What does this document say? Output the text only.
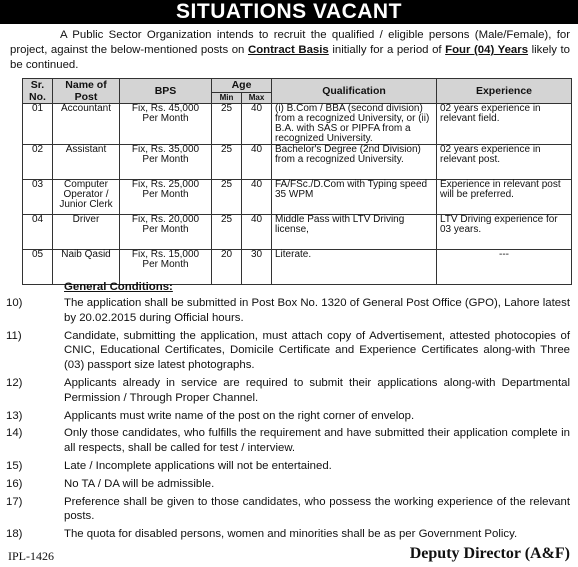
SITUATIONS VACANT
A Public Sector Organization intends to recruit the qualified / eligible persons (Male/Female), for project, against the below-mentioned posts on Contract Basis initially for a period of Four (04) Years likely to be continued.
Sr. No.	Name of Post	BPS	Age		Qualification	Experience
			Min	Max		
01	Accountant	Fix, Rs. 45,000 Per Month	25	40	(i) B.Com / BBA (second division) from a recognized University, or (ii) B.A. with SAS or PIPFA from a recognized University.	02 years experience in relevant field.
02	Assistant	Fix, Rs. 35,000 Per Month	25	40	Bachelor's Degree (2nd Division) from a recognized University.	02 years experience in relevant post.
03	Computer Operator / Junior Clerk	Fix, Rs. 25,000 Per Month	25	40	FA/FSc./D.Com with Typing speed 35 WPM	Experience in relevant post will be preferred.
04	Driver	Fix, Rs. 20,000 Per Month	25	40	Middle Pass with LTV Driving license,	LTV Driving experience for 03 years.
05	Naib Qasid	Fix, Rs. 15,000 Per Month	20	30	Literate.	---
General Conditions:
10)	The application shall be submitted in Post Box No. 1320 of General Post Office (GPO), Lahore latest by 20.02.2015 during Official hours.
11)	Candidate, submitting the application, must attach copy of Advertisement, attested photocopies of CNIC, Educational Certificates, Domicile Certificate and Experience Certificates along-with Three (03) passport size latest photographs.
12)	Applicants already in service are required to submit their applications along-with Departmental Permission / Through Proper Channel.
13)	Applicants must write name of the post on the right corner of envelop.
14)	Only those candidates, who fulfills the requirement and have submitted their application complete in all respects, shall be called for test / interview.
15)	Late / Incomplete applications will not be entertained.
16)	No TA / DA will be admissible.
17)	Preference shall be given to those candidates, who possess the working experience of the relevant posts.
18)	The quota for disabled persons, women and minorities shall be as per Government Policy.
IPL-1426	Deputy Director (A&F)
